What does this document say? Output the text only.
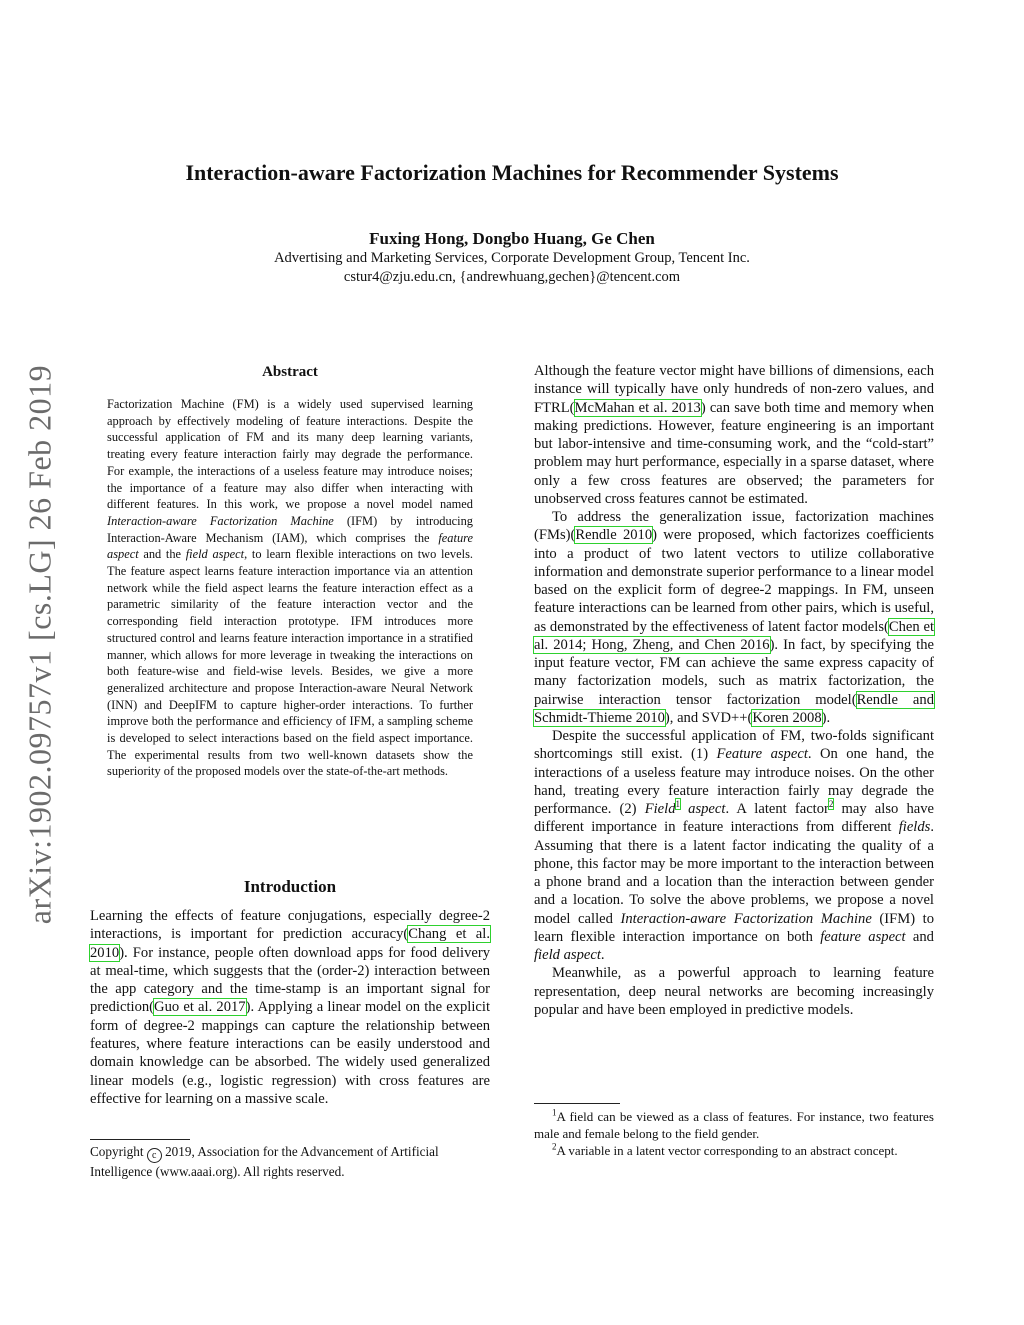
Interaction-aware Factorization Machines for Recommender Systems
Fuxing Hong, Dongbo Huang, Ge Chen
Advertising and Marketing Services, Corporate Development Group, Tencent Inc.
cstur4@zju.edu.cn, {andrewhuang,gechen}@tencent.com
arXiv:1902.09757v1 [cs.LG] 26 Feb 2019	Abstract
Factorization Machine (FM) is a widely used supervised learning approach by effectively modeling of feature interactions. Despite the successful application of FM and its many deep learning variants, treating every feature interaction fairly may degrade the performance. For example, the interactions of a useless feature may introduce noises; the importance of a feature may also differ when interacting with different features. In this work, we propose a novel model named Interaction-aware Factorization Machine (IFM) by introducing Interaction-Aware Mechanism (IAM), which comprises the feature aspect and the field aspect, to learn flexible interactions on two levels. The feature aspect learns feature interaction importance via an attention network while the field aspect learns the feature interaction effect as a parametric similarity of the feature interaction vector and the corresponding field interaction prototype. IFM introduces more structured control and learns feature interaction importance in a stratified manner, which allows for more leverage in tweaking the interactions on both feature-wise and field-wise levels. Besides, we give a more generalized architecture and propose Interaction-aware Neural Network (INN) and DeepIFM to capture higher-order interactions. To further improve both the performance and efficiency of IFM, a sampling scheme is developed to select interactions based on the field aspect importance. The experimental results from two well-known datasets show the superiority of the proposed models over the state-of-the-art methods.
Introduction
Learning the effects of feature conjugations, especially degree-2 interactions, is important for prediction accuracy(Chang et al. 2010). For instance, people often download apps for food delivery at meal-time, which suggests that the (order-2) interaction between the app category and the time-stamp is an important signal for prediction(Guo et al. 2017). Applying a linear model on the explicit form of degree-2 mappings can capture the relationship between features, where feature interactions can be easily understood and domain knowledge can be absorbed. The widely used generalized linear models (e.g., logistic regression) with cross features are effective for learning on a massive scale.
Copyright c 2019, Association for the Advancement of Artificial Intelligence (www.aaai.org). All rights reserved.

Although the feature vector might have billions of dimensions, each instance will typically have only hundreds of non-zero values, and FTRL(McMahan et al. 2013) can save both time and memory when making predictions. However, feature engineering is an important but labor-intensive and time-consuming work, and the “cold-start” problem may hurt performance, especially in a sparse dataset, where only a few cross features are observed; the parameters for unobserved cross features cannot be estimated.

To address the generalization issue, factorization machines (FMs)(Rendle 2010) were proposed, which factorizes coefficients into a product of two latent vectors to utilize collaborative information and demonstrate superior performance to a linear model based on the explicit form of degree-2 mappings. In FM, unseen feature interactions can be learned from other pairs, which is useful, as demonstrated by the effectiveness of latent factor models(Chen et al. 2014; Hong, Zheng, and Chen 2016). In fact, by specifying the input feature vector, FM can achieve the same express capacity of many factorization models, such as matrix factorization, the pairwise interaction tensor factorization model(Rendle and Schmidt-Thieme 2010), and SVD++(Koren 2008).

Despite the successful application of FM, two-folds significant shortcomings still exist. (1) Feature aspect. On one hand, the interactions of a useless feature may introduce noises. On the other hand, treating every feature interaction fairly may degrade the performance. (2) Field$^1$ aspect. A latent factor$^2$ may also have different importance in feature interactions from different fields. Assuming that there is a latent factor indicating the quality of a phone, this factor may be more important to the interaction between a phone brand and a location than the interaction between gender and a location. To solve the above problems, we propose a novel model called Interaction-aware Factorization Machine (IFM) to learn flexible interaction importance on both feature aspect and field aspect.

Meanwhile, as a powerful approach to learning feature representation, deep neural networks are becoming increasingly popular and have been employed in predictive models.

$^1$A field can be viewed as a class of features. For instance, two features male and female belong to the field gender.

$^2$A variable in a latent vector corresponding to an abstract concept.
